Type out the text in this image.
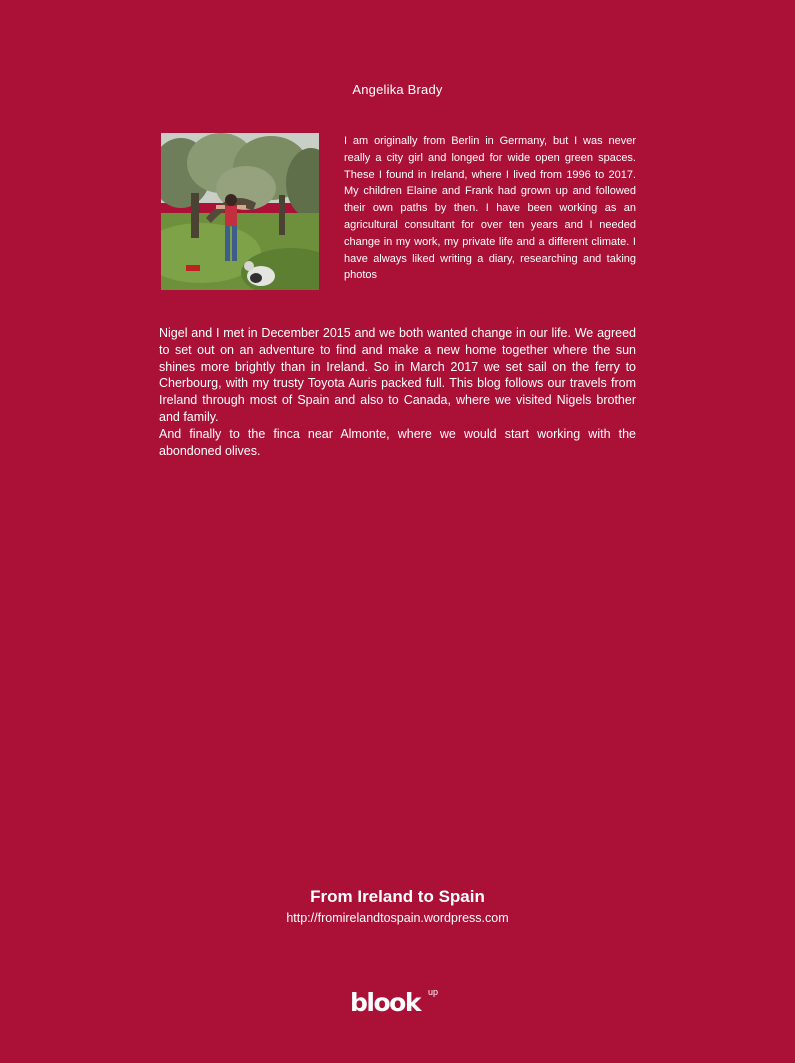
Angelika Brady
I am originally from Berlin in Germany, but I was never really a city girl and longed for wide open green spaces. These I found in Ireland, where I lived from 1996 to 2017. My children Elaine and Frank had grown up and followed their own paths by then. I have been working as an agricultural consultant for over ten years and I needed change in my work, my private life and a different climate. I have always liked writing a diary, researching and taking photos

Nigel and I met in December 2015 and we both wanted change in our life. We agreed to set out on an adventure to find and make a new home together where the sun shines more brightly than in Ireland. So in March 2017 we set sail on the ferry to Cherbourg, with my trusty Toyota Auris packed full. This blog follows our travels from Ireland through most of Spain and also to Canada, where we visited Nigels brother and family.

And finally to the finca near Almonte, where we would start working with the abondoned olives.

From Ireland to Spain
http://fromirelandtospain.wordpress.com
blook up
